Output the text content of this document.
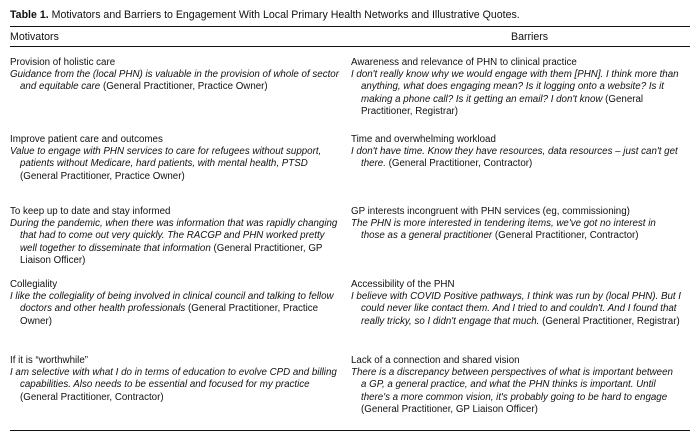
Table 1. Motivators and Barriers to Engagement With Local Primary Health Networks and Illustrative Quotes.
Motivators	Barriers
Provision of holistic care
Guidance from the (local PHN) is valuable in the provision of whole of sector and equitable care (General Practitioner, Practice Owner)
Awareness and relevance of PHN to clinical practice
I don't really know why we would engage with them [PHN]. I think more than anything, what does engaging mean? Is it logging onto a website? Is it making a phone call? Is it getting an email? I don't know (General Practitioner, Registrar)
Improve patient care and outcomes
Value to engage with PHN services to care for refugees without support, patients without Medicare, hard patients, with mental health, PTSD (General Practitioner, Practice Owner)
Time and overwhelming workload
I don't have time. Know they have resources, data resources – just can't get there. (General Practitioner, Contractor)
To keep up to date and stay informed
During the pandemic, when there was information that was rapidly changing that had to come out very quickly. The RACGP and PHN worked pretty well together to disseminate that information (General Practitioner, GP Liaison Officer)
GP interests incongruent with PHN services (eg, commissioning)
The PHN is more interested in tendering items, we've got no interest in those as a general practitioner (General Practitioner, Contractor)
Collegiality
I like the collegiality of being involved in clinical council and talking to fellow doctors and other health professionals (General Practitioner, Practice Owner)
Accessibility of the PHN
I believe with COVID Positive pathways, I think was run by (local PHN). But I could never like contact them. And I tried to and couldn't. And I found that really tricky, so I didn't engage that much. (General Practitioner, Registrar)
If it is “worthwhile”
I am selective with what I do in terms of education to evolve CPD and billing capabilities. Also needs to be essential and focused for my practice (General Practitioner, Contractor)
Lack of a connection and shared vision
There is a discrepancy between perspectives of what is important between a GP, a general practice, and what the PHN thinks is important. Until there's a more common vision, it's probably going to be hard to engage (General Practitioner, GP Liaison Officer)
